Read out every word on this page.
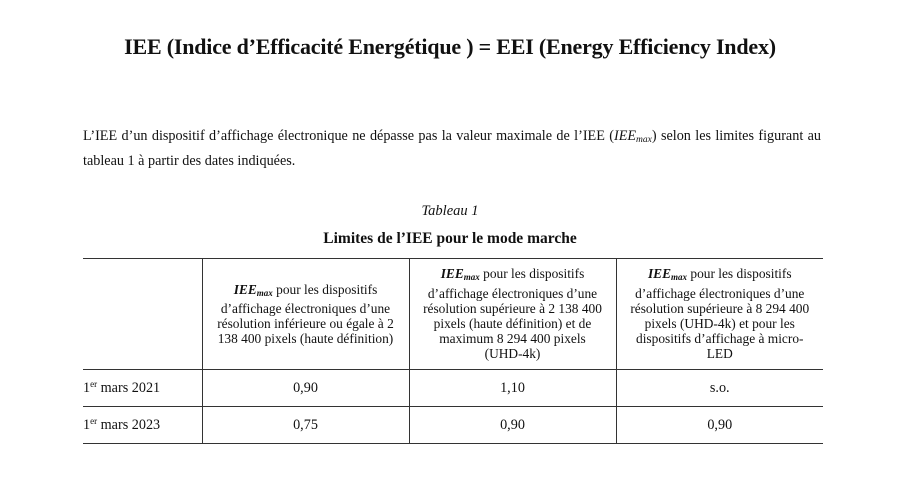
IEE (Indice d’Efficacité Energétique ) = EEI (Energy Efficiency Index)
L’IEE d’un dispositif d’affichage électronique ne dépasse pas la valeur maximale de l’IEE $(IEE_{max})$ selon les limites figurant au tableau 1 à partir des dates indiquées.
Tableau 1
Limites de l’IEE pour le mode marche
	$IEE_{max}$ pour les dispositifs d’affichage électroniques d’une résolution inférieure ou égale à 2 138 400 pixels (haute définition)	$IEE_{max}$ pour les dispositifs d’affichage électroniques d’une résolution supérieure à 2 138 400 pixels (haute définition) et de maximum 8 294 400 pixels (UHD-4k)	$IEE_{max}$ pour les dispositifs d’affichage électroniques d’une résolution supérieure à 8 294 400 pixels (UHD-4k) et pour les dispositifs d’affichage à micro-LED
1er mars 2021	0,90	1,10	s.o.
1er mars 2023	0,75	0,90	0,90
